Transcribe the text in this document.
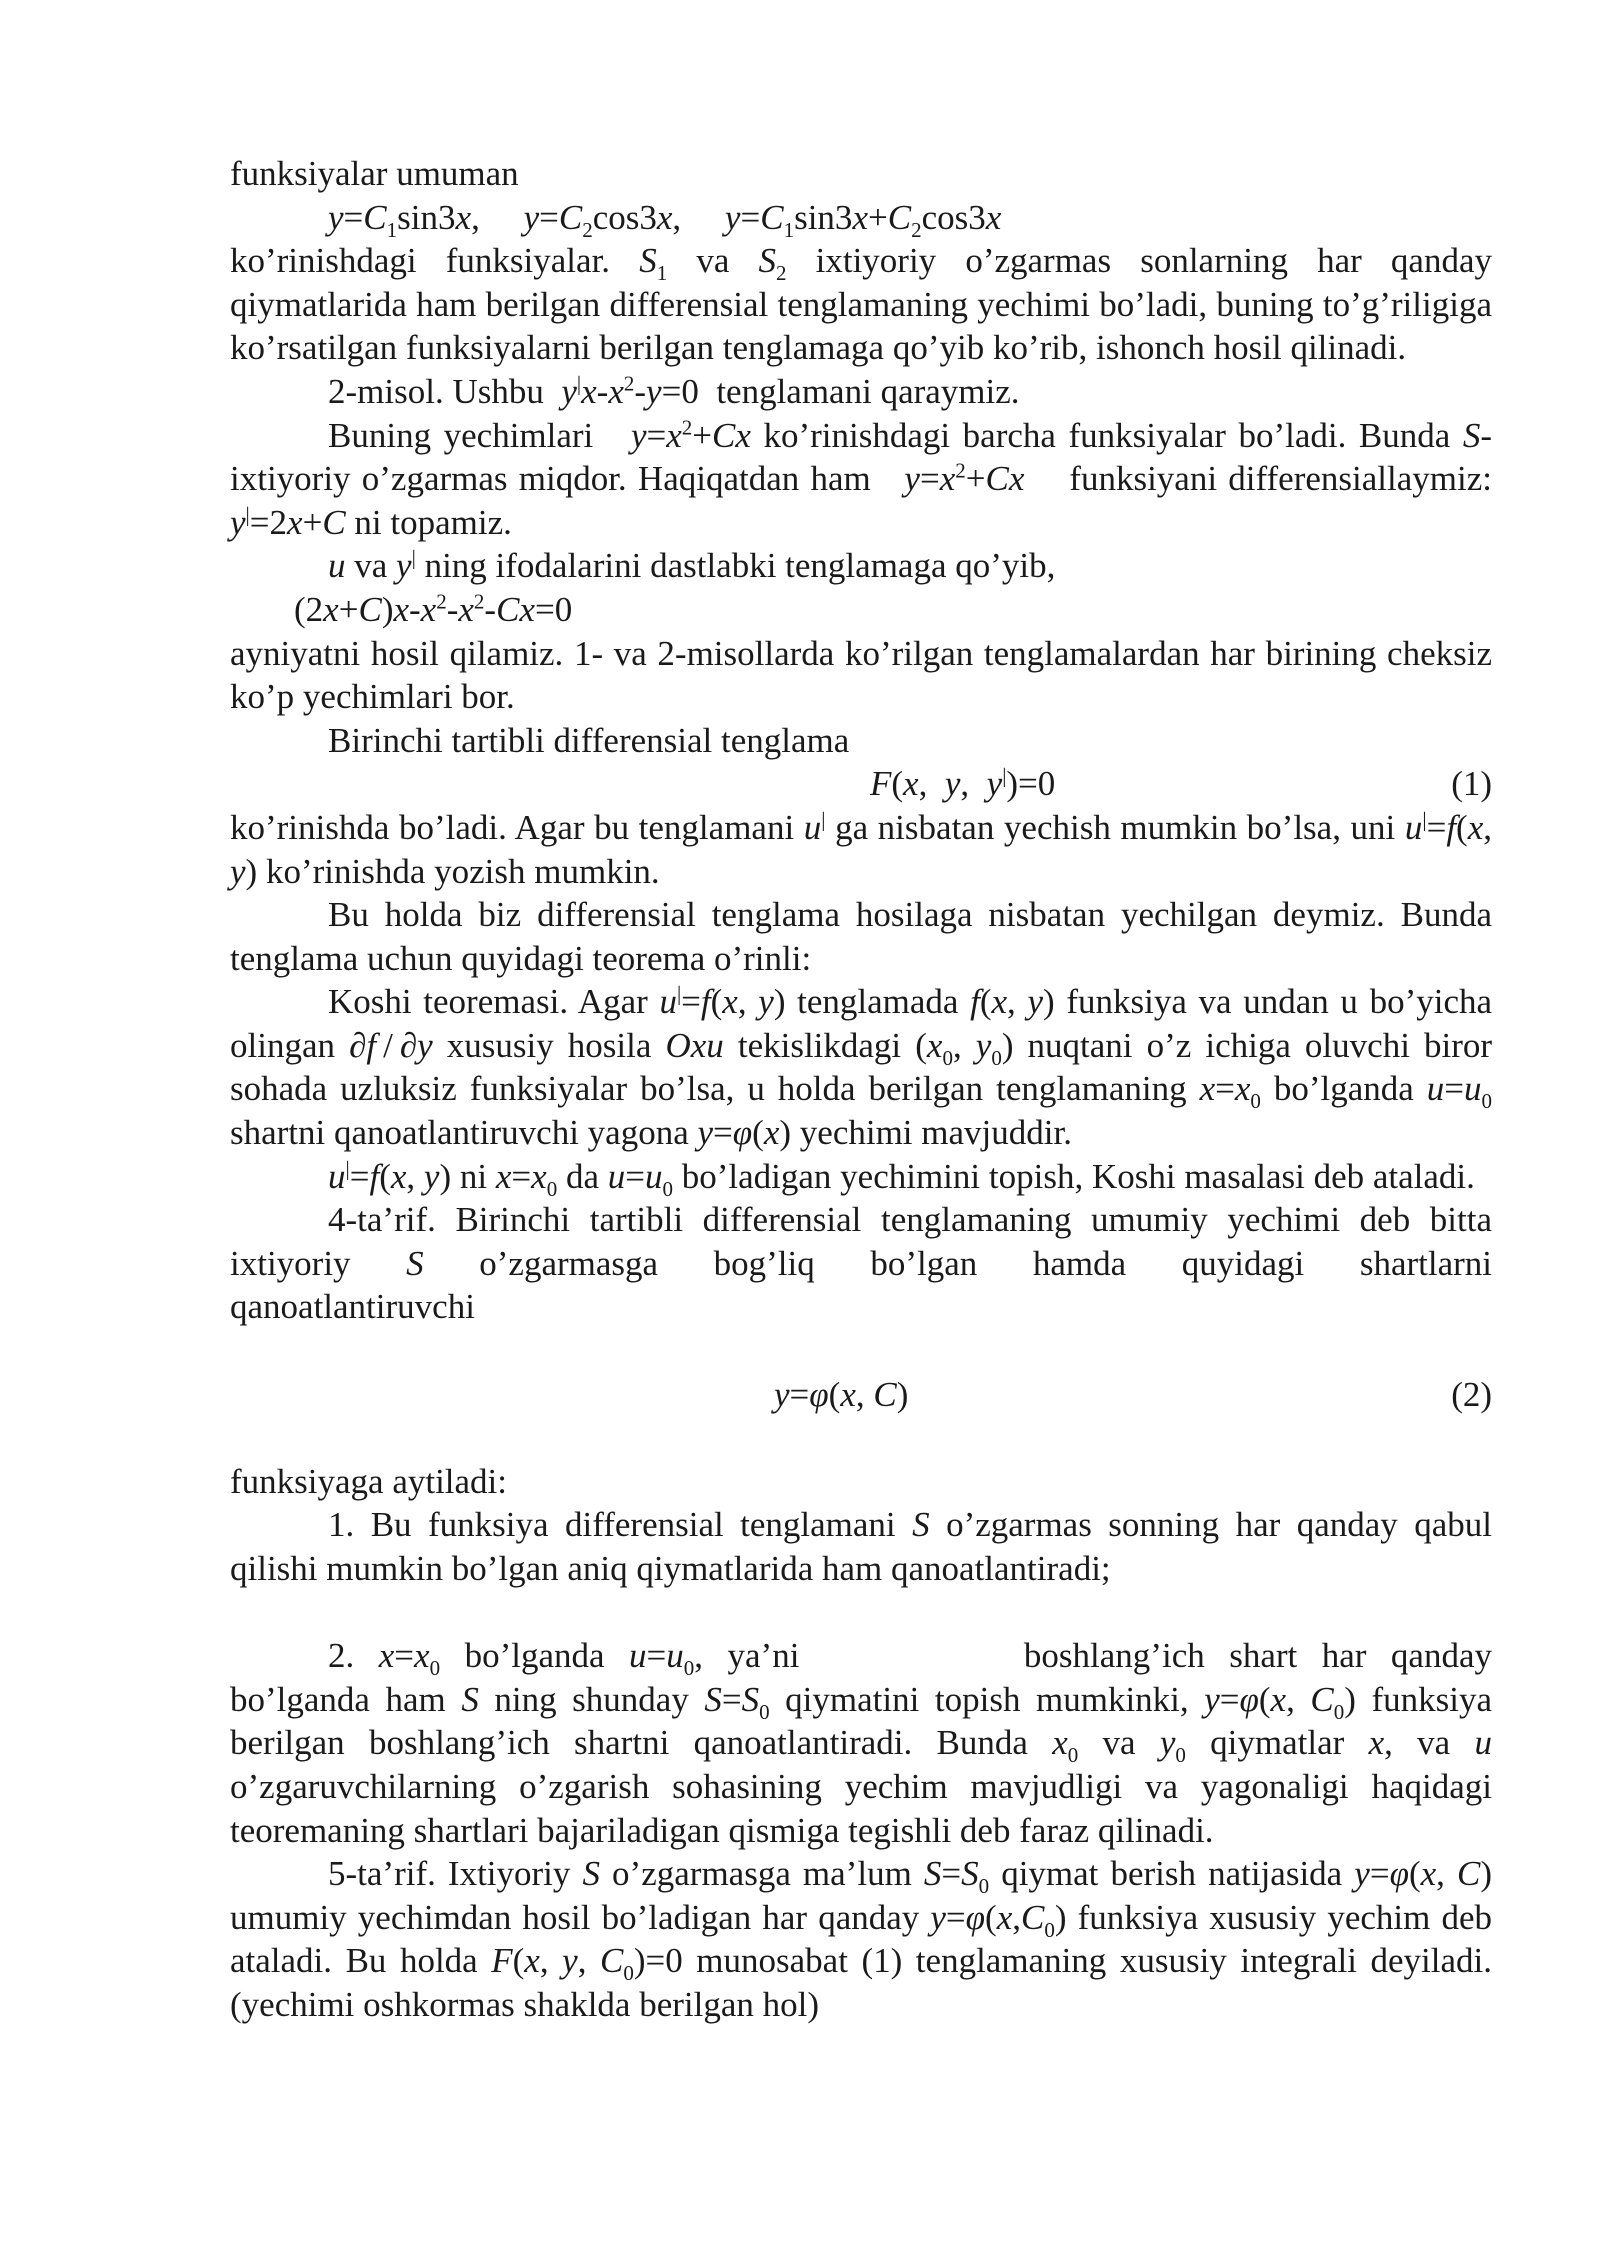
funksiyalar umuman

$y=C_1\sin 3x$,     $y=C_2\cos 3x$,     $y=C_1\sin 3x+C_2\cos 3x$

ko’rinishdagi funksiyalar. $S_1$ va $S_2$ ixtiyoriy o’zgarmas sonlarning har qanday qiymatlarida ham berilgan differensial tenglamaning yechimi bo’ladi, buning to’g’riligiga ko’rsatilgan funksiyalarni berilgan tenglamaga qo’yib ko’rib, ishonch hosil qilinadi.

2-misol. Ushbu  $y^|x-x^2-y=0$  tenglamani qaraymiz.

Buning yechimlari   $y=x^2+Cx$ ko’rinishdagi barcha funksiyalar bo’ladi. Bunda S-ixtiyoriy o’zgarmas miqdor. Haqiqatdan ham   $y=x^2+Cx$    funksiyani differensiallaymiz: y|=2x+C ni topamiz.

u va y| ning ifodalarini dastlabki tenglamaga qo’yib,

$(2x+C)x-x^2-x^2-Cx=0$

ayniyatni hosil qilamiz. 1- va 2-misollarda ko’rilgan tenglamalardan har birining cheksiz ko’p yechimlari bor.

Birinchi tartibli differensial tenglama

F(x,  y,  y|)=0	(1)

ko’rinishda bo’ladi. Agar bu tenglamani u| ga nisbatan yechish mumkin bo’lsa, uni u|=f(x, y) ko’rinishda yozish mumkin.

Bu holda biz differensial tenglama hosilaga nisbatan yechilgan deymiz. Bunda tenglama uchun quyidagi teorema o’rinli:

Koshi teoremasi. Agar u|=f(x, y) tenglamada f(x, y) funksiya va undan u bo’yicha olingan ∂f / ∂y xususiy hosila Oxu tekislikdagi ($x_0$, $y_0$) nuqtani o’z ichiga oluvchi biror sohada uzluksiz funksiyalar bo’lsa, u holda berilgan tenglamaning $x=x_0$ bo’lganda $u=u_0$ shartni qanoatlantiruvchi yagona y=φ(x) yechimi mavjuddir.

u|=f(x, y) ni $x=x_0$ da $u=u_0$ bo’ladigan yechimini topish, Koshi masalasi deb ataladi.

4-ta’rif. Birinchi tartibli differensial tenglamaning umumiy yechimi deb bitta ixtiyoriy   S   o’zgarmasga   bog’liq   bo’lgan   hamda   quyidagi   shartlarni qanoatlantiruvchi

y=φ(x, C)	(2)

funksiyaga aytiladi:

1. Bu funksiya differensial tenglamani S o’zgarmas sonning har qanday qabul qilishi mumkin bo’lgan aniq qiymatlarida ham qanoatlantiradi;

2. $x=x_0$ bo’lganda $u=u_0$, ya’ni	boshlang’ich shart har qanday bo’lganda ham S ning shunday $S=S_0$ qiymatini topish mumkinki, y=φ(x, $C_0$) funksiya berilgan boshlang’ich shartni qanoatlantiradi. Bunda $x_0$ va $y_0$ qiymatlar x, va u o’zgaruvchilarning o’zgarish sohasining yechim mavjudligi va yagonaligi haqidagi teoremaning shartlari bajariladigan qismiga tegishli deb faraz qilinadi.

5-ta’rif. Ixtiyoriy S o’zgarmasga ma’lum $S=S_0$ qiymat berish natijasida y=φ(x, C) umumiy yechimdan hosil bo’ladigan har qanday $y=\varphi(x,C_0)$ funksiya xususiy yechim deb ataladi. Bu holda F(x, y, $C_0)=0$ munosabat (1) tenglamaning xususiy integrali deyiladi. (yechimi oshkormas shaklda berilgan hol)
